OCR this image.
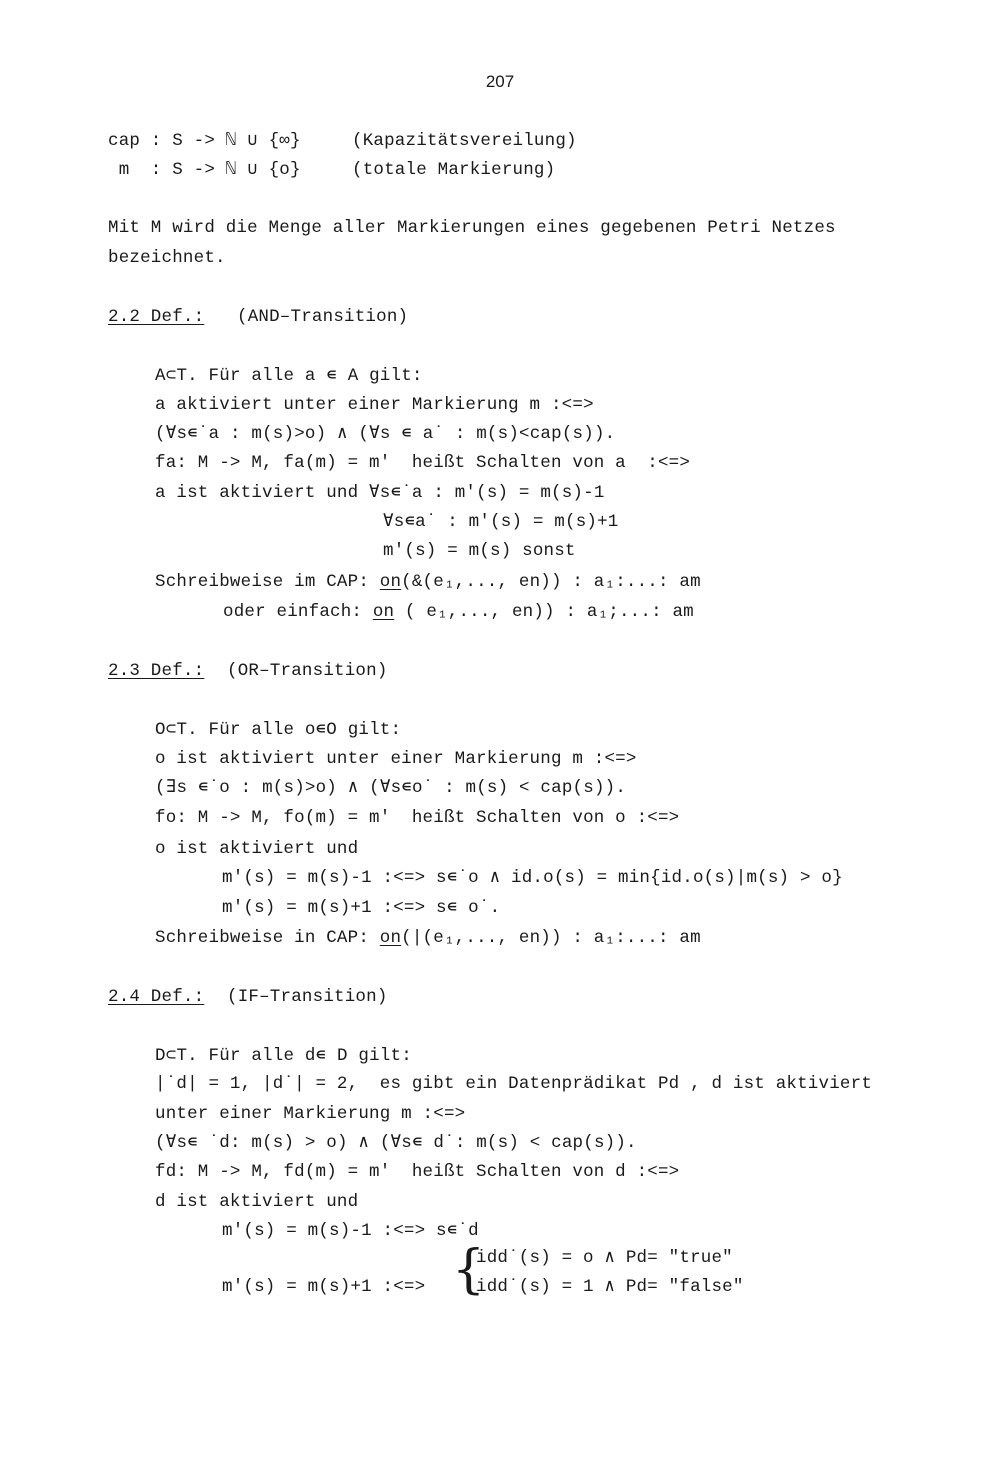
207
cap : S -> ℕ ∪ {∞}	(Kapazitätsvereilung)
m  : S -> ℕ ∪ {o}	(totale Markierung)
Mit M wird die Menge aller Markierungen eines gegebenen Petri Netzes
bezeichnet.
2.2 Def.: (AND–Transition)
A⊂T. Für alle a ∊ A gilt:
a aktiviert unter einer Markierung m :<=>
(∀s∊˙a : m(s)>o) ∧ (∀s ∊ a˙ : m(s)<cap(s)).
fa: M -> M, fa(m) = m'  heißt Schalten von a  :<=>
a ist aktiviert und ∀s∊˙a : m'(s) = m(s)-1
∀s∊a˙ : m'(s) = m(s)+1
m'(s) = m(s) sonst
Schreibweise im CAP: on(&(e₁,..., en)) : a₁:...: am
oder einfach: on ( e₁,..., en)) : a₁;...: am
2.3 Def.: (OR–Transition)
O⊂T. Für alle o∊O gilt:
o ist aktiviert unter einer Markierung m :<=>
(∃s ∊˙o : m(s)>o) ∧ (∀s∊o˙ : m(s) < cap(s)).
fo: M -> M, fo(m) = m'  heißt Schalten von o :<=>
o ist aktiviert und
m'(s) = m(s)-1 :<=> s∊˙o ∧ id.o(s) = min{id.o(s)|m(s) > o}
m'(s) = m(s)+1 :<=> s∊ o˙.
Schreibweise in CAP: on(|(e₁,..., en)) : a₁:...: am
2.4 Def.: (IF–Transition)
D⊂T. Für alle d∊ D gilt:
|˙d| = 1, |d˙| = 2,  es gibt ein Datenprädikat Pd , d ist aktiviert
unter einer Markierung m :<=>
(∀s∊ ˙d: m(s) > o) ∧ (∀s∊ d˙: m(s) < cap(s)).
fd: M -> M, fd(m) = m'  heißt Schalten von d :<=>
d ist aktiviert und
m'(s) = m(s)-1 :<=> s∊˙d
m'(s) = m(s)+1 :<=> {
idd˙(s) = o ∧ Pd= "true"
idd˙(s) = 1 ∧ Pd= "false"
